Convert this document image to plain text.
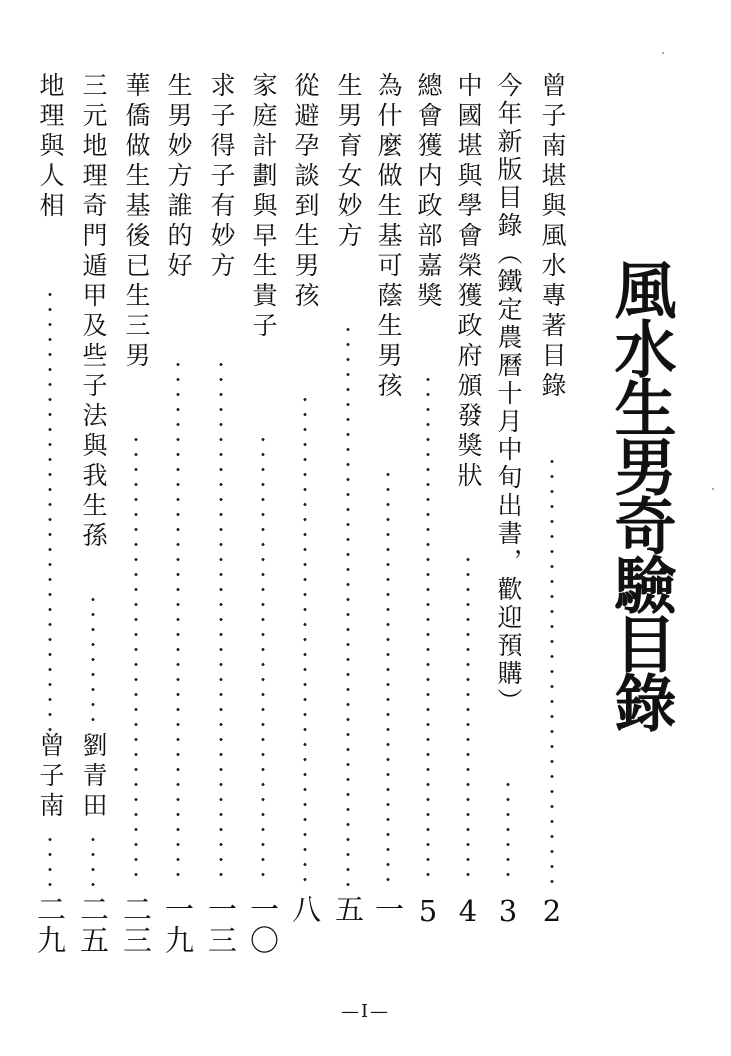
風水生男奇驗目錄
曾子南堪與風水專著目錄
2
今年新版目錄（鐵定農曆十月中旬出書，歡迎預購）
3
中國堪與學會榮獲政府頒發獎狀
4
總會獲内政部嘉獎
5
為什麼做生基可蔭生男孩
一
生男育女妙方
五
從避孕談到生男孩
八
家庭計劃與早生貴子
一〇
求子得子有妙方
一三
生男妙方誰的好
一九
華僑做生基後已生三男
二三
三元地理奇門遁甲及些子法與我生孫
劉青田
二五
地理與人相
曾子南
二九
—I—
